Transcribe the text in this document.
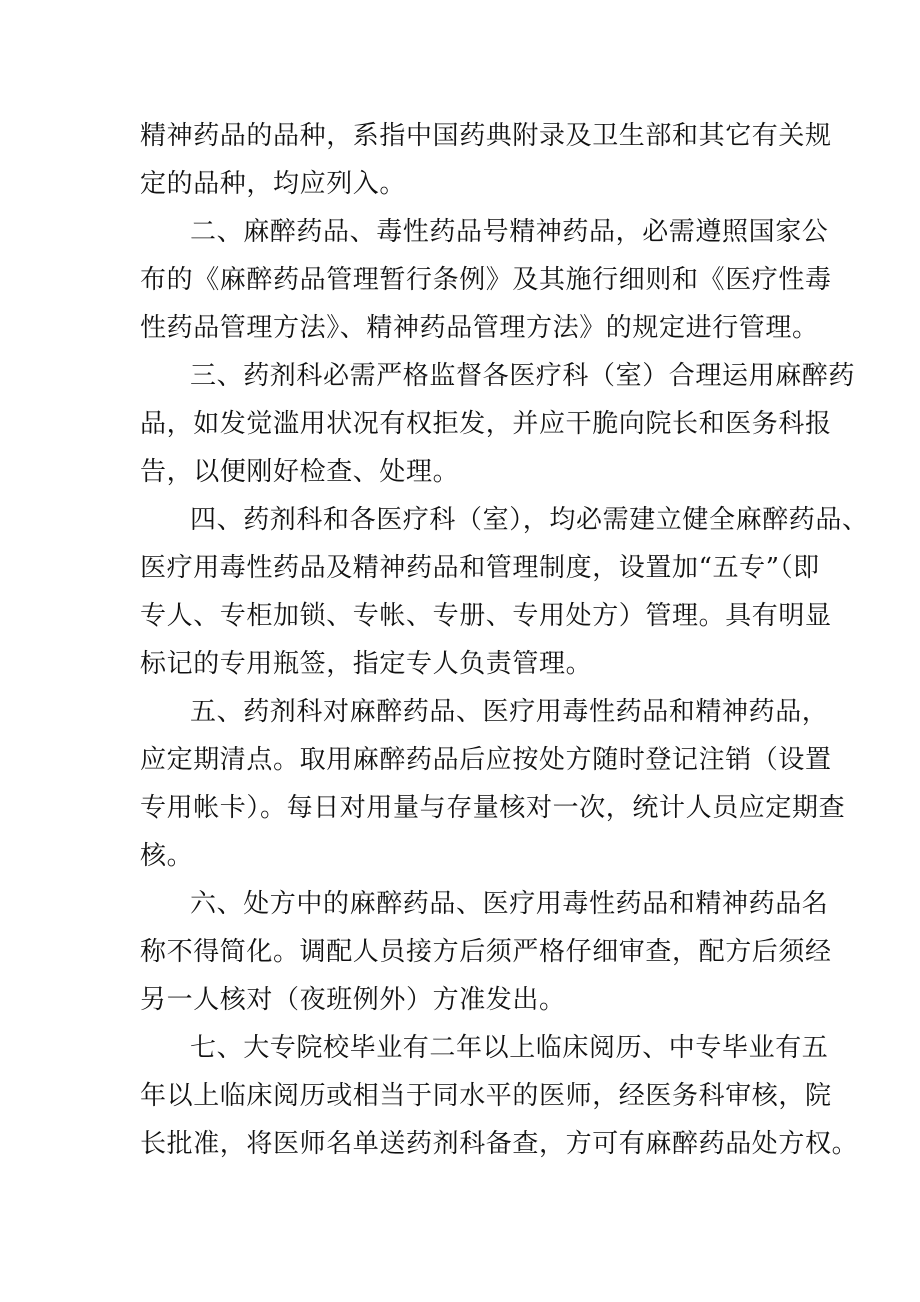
精神药品的品种，系指中国药典附录及卫生部和其它有关规
定的品种，均应列入。
二、麻醉药品、毒性药品号精神药品，必需遵照国家公
布的《麻醉药品管理暂行条例》及其施行细则和《医疗性毒
性药品管理方法》、精神药品管理方法》的规定进行管理。
三、药剂科必需严格监督各医疗科（室）合理运用麻醉药
品，如发觉滥用状况有权拒发，并应干脆向院长和医务科报
告，以便刚好检查、处理。
四、药剂科和各医疗科（室），均必需建立健全麻醉药品、
医疗用毒性药品及精神药品和管理制度，设置加“五专”（即
专人、专柜加锁、专帐、专册、专用处方）管理。具有明显
标记的专用瓶签，指定专人负责管理。
五、药剂科对麻醉药品、医疗用毒性药品和精神药品，
应定期清点。取用麻醉药品后应按处方随时登记注销（设置
专用帐卡）。每日对用量与存量核对一次，统计人员应定期查
核。
六、处方中的麻醉药品、医疗用毒性药品和精神药品名
称不得简化。调配人员接方后须严格仔细审查，配方后须经
另一人核对（夜班例外）方准发出。
七、大专院校毕业有二年以上临床阅历、中专毕业有五
年以上临床阅历或相当于同水平的医师，经医务科审核，院
长批准，将医师名单送药剂科备查，方可有麻醉药品处方权。
